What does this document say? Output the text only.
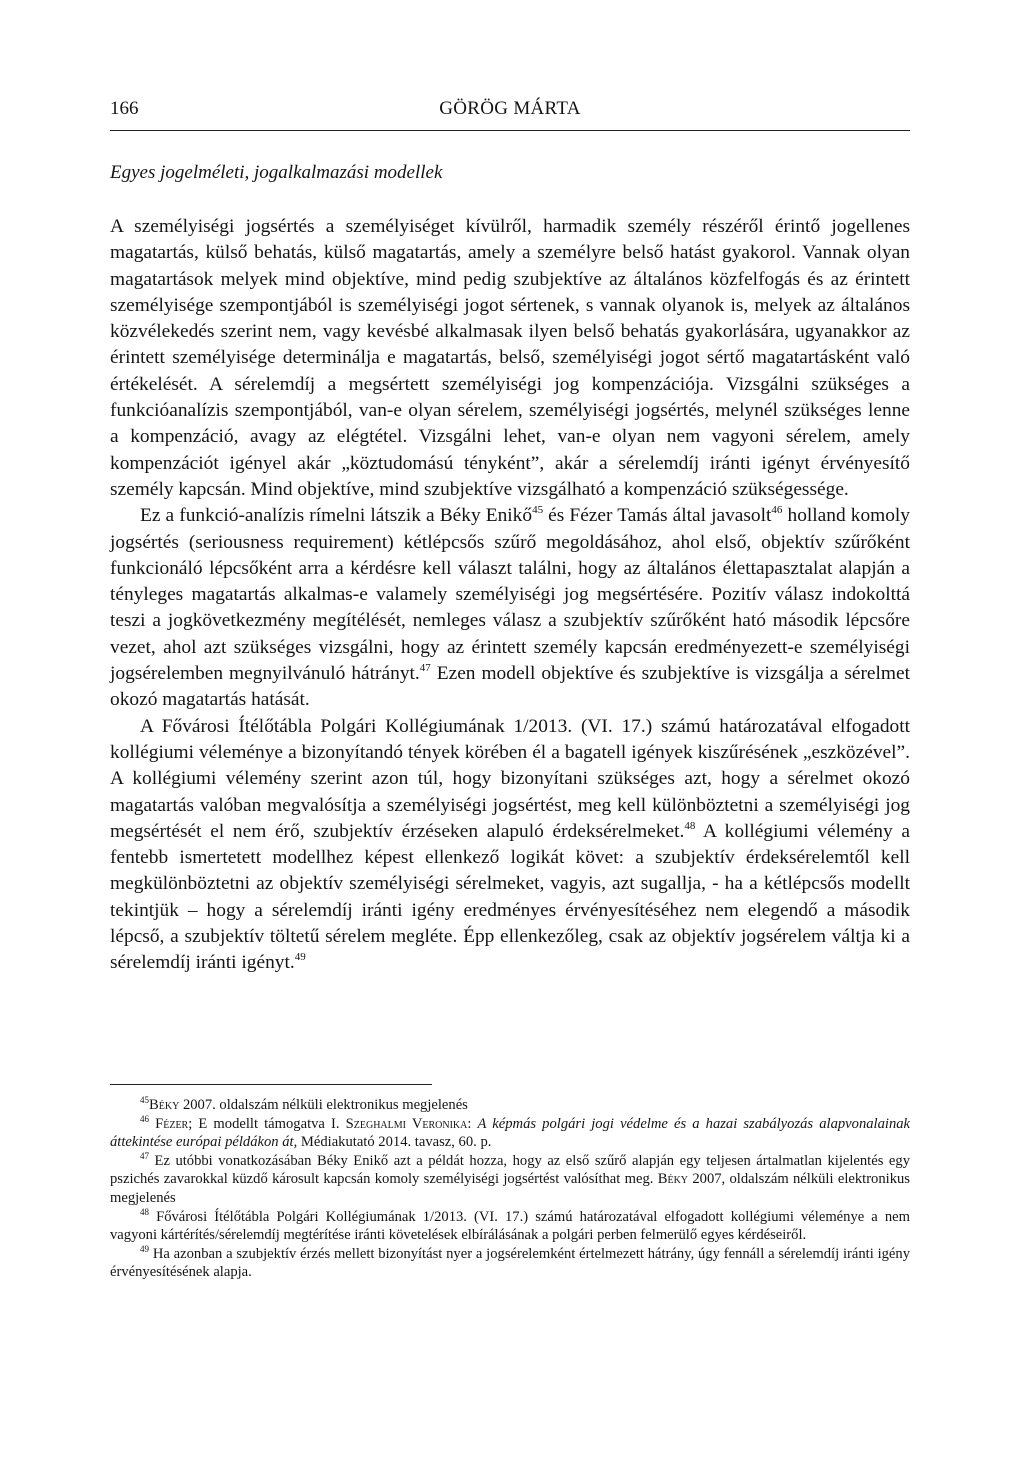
166	GÖRÖG MÁRTA
Egyes jogelméleti, jogalkalmazási modellek

A személyiségi jogsértés a személyiséget kívülről, harmadik személy részéről érintő jogellenes magatartás, külső behatás, külső magatartás, amely a személyre belső hatást gyakorol. Vannak olyan magatartások melyek mind objektíve, mind pedig szubjektíve az általános közfelfogás és az érintett személyisége szempontjából is személyiségi jogot sértenek, s vannak olyanok is, melyek az általános közvélekedés szerint nem, vagy kevésbé alkalmasak ilyen belső behatás gyakorlására, ugyanakkor az érintett személyisége determinálja e magatartás, belső, személyiségi jogot sértő magatartásként való értékelését. A sérelemdíj a megsértett személyiségi jog kompenzációja. Vizsgálni szükséges a funkcióanalízis szempontjából, van-e olyan sérelem, személyiségi jogsértés, melynél szükséges lenne a kompenzáció, avagy az elégtétel. Vizsgálni lehet, van-e olyan nem vagyoni sérelem, amely kompenzációt igényel akár „köztudomású tényként”, akár a sérelemdíj iránti igényt érvényesítő személy kapcsán. Mind objektíve, mind szubjektíve vizsgálható a kompenzáció szükségessége.

Ez a funkció-analízis rímelni látszik a Béky Enikő$^{45}$ és Fézer Tamás által javasolt$^{46}$ holland komoly jogsértés (seriousness requirement) kétlépcsős szűrő megoldásához, ahol első, objektív szűrőként funkcionáló lépcsőként arra a kérdésre kell választ találni, hogy az általános élettapasztalat alapján a tényleges magatartás alkalmas-e valamely személyiségi jog megsértésére. Pozitív válasz indokolttá teszi a jogkövetkezmény megítélését, nemleges válasz a szubjektív szűrőként ható második lépcsőre vezet, ahol azt szükséges vizsgálni, hogy az érintett személy kapcsán eredményezett-e személyiségi jogsérelemben megnyilvánuló hátrányt.$^{47}$ Ezen modell objektíve és szubjektíve is vizsgálja a sérelmet okozó magatartás hatását.

A Fővárosi Ítélőtábla Polgári Kollégiumának 1/2013. (VI. 17.) számú határozatával elfogadott kollégiumi véleménye a bizonyítandó tények körében él a bagatell igények kiszűrésének „eszközével”. A kollégiumi vélemény szerint azon túl, hogy bizonyítani szükséges azt, hogy a sérelmet okozó magatartás valóban megvalósítja a személyiségi jogsértést, meg kell különböztetni a személyiségi jog megsértését el nem érő, szubjektív érzéseken alapuló érdeksérelmeket.$^{48}$ A kollégiumi vélemény a fentebb ismertetett modellhez képest ellenkező logikát követ: a szubjektív érdeksérelemtől kell megkülönböztetni az objektív személyiségi sérelmeket, vagyis, azt sugallja, - ha a kétlépcsős modellt tekintjük – hogy a sérelemdíj iránti igény eredményes érvényesítéséhez nem elegendő a második lépcső, a szubjektív töltetű sérelem megléte. Épp ellenkezőleg, csak az objektív jogsérelem váltja ki a sérelemdíj iránti igényt.$^{49}$

$^{45}$Béky 2007. oldalszám nélküli elektronikus megjelenés

$^{46}$ Fézer; E modellt támogatva I. Szeghalmi Veronika: A képmás polgári jogi védelme és a hazai szabályozás alapvonalainak áttekintése európai példákon át, Médiakutató 2014. tavasz, 60. p.

$^{47}$ Ez utóbbi vonatkozásában Béky Enikő azt a példát hozza, hogy az első szűrő alapján egy teljesen ártalmatlan kijelentés egy pszichés zavarokkal küzdő károsult kapcsán komoly személyiségi jogsértést valósíthat meg. Béky 2007, oldalszám nélküli elektronikus megjelenés

$^{48}$ Fővárosi Ítélőtábla Polgári Kollégiumának 1/2013. (VI. 17.) számú határozatával elfogadott kollégiumi véleménye a nem vagyoni kártérítés/sérelemdíj megtérítése iránti követelések elbírálásának a polgári perben felmerülő egyes kérdéseiről.

$^{49}$ Ha azonban a szubjektív érzés mellett bizonyítást nyer a jogsérelemként értelmezett hátrány, úgy fennáll a sérelemdíj iránti igény érvényesítésének alapja.
